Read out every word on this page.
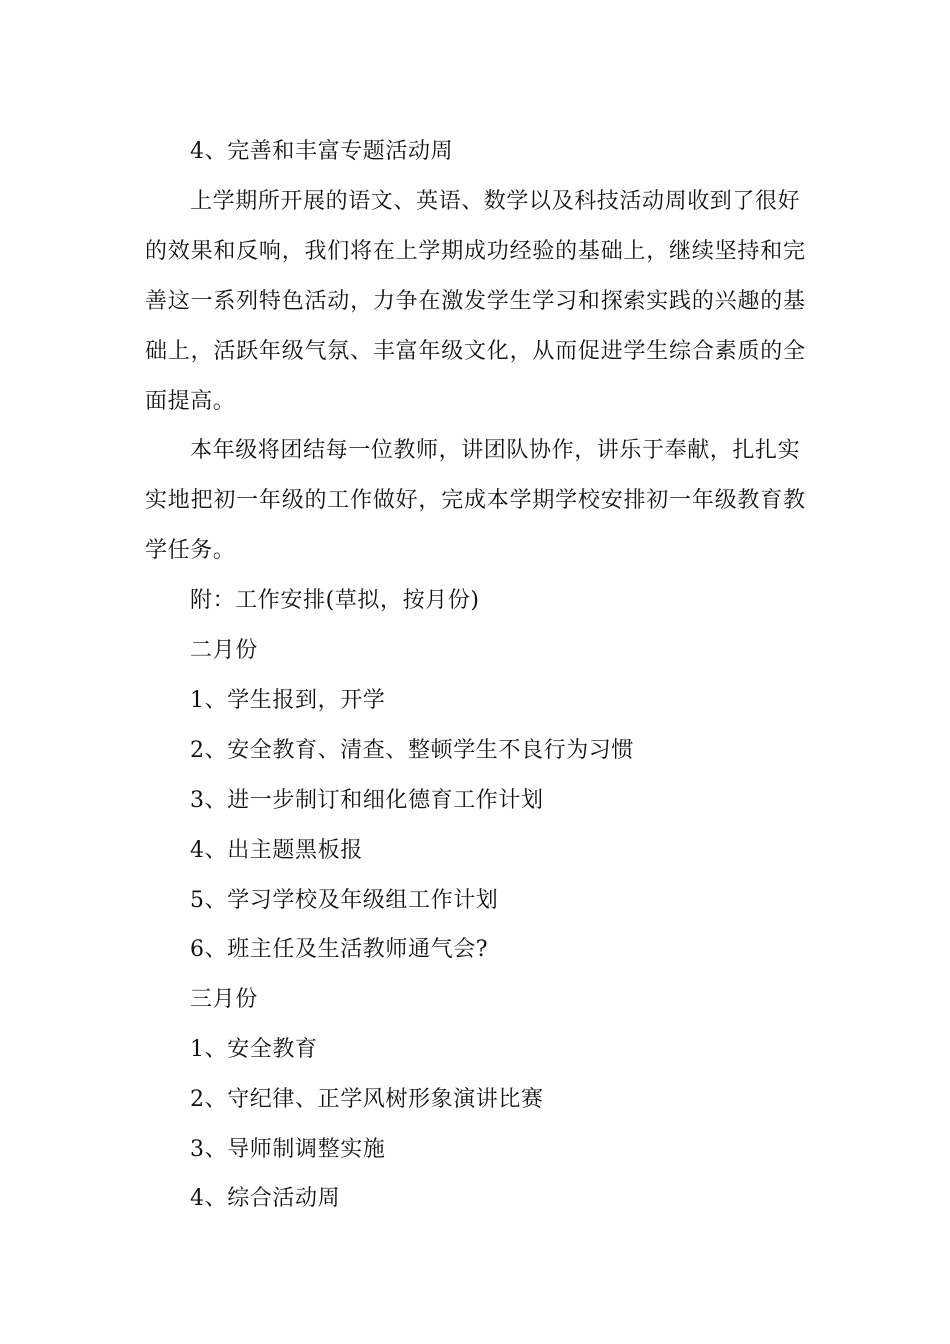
4、完善和丰富专题活动周
上学期所开展的语文、英语、数学以及科技活动周收到了很好
的效果和反响，我们将在上学期成功经验的基础上，继续坚持和完
善这一系列特色活动，力争在激发学生学习和探索实践的兴趣的基
础上，活跃年级气氛、丰富年级文化，从而促进学生综合素质的全
面提高。
本年级将团结每一位教师，讲团队协作，讲乐于奉献，扎扎实
实地把初一年级的工作做好，完成本学期学校安排初一年级教育教
学任务。
附：工作安排(草拟，按月份)
二月份
1、学生报到，开学
2、安全教育、清查、整顿学生不良行为习惯
3、进一步制订和细化德育工作计划
4、出主题黑板报
5、学习学校及年级组工作计划
6、班主任及生活教师通气会?
三月份
1、安全教育
2、守纪律、正学风树形象演讲比赛
3、导师制调整实施
4、综合活动周
